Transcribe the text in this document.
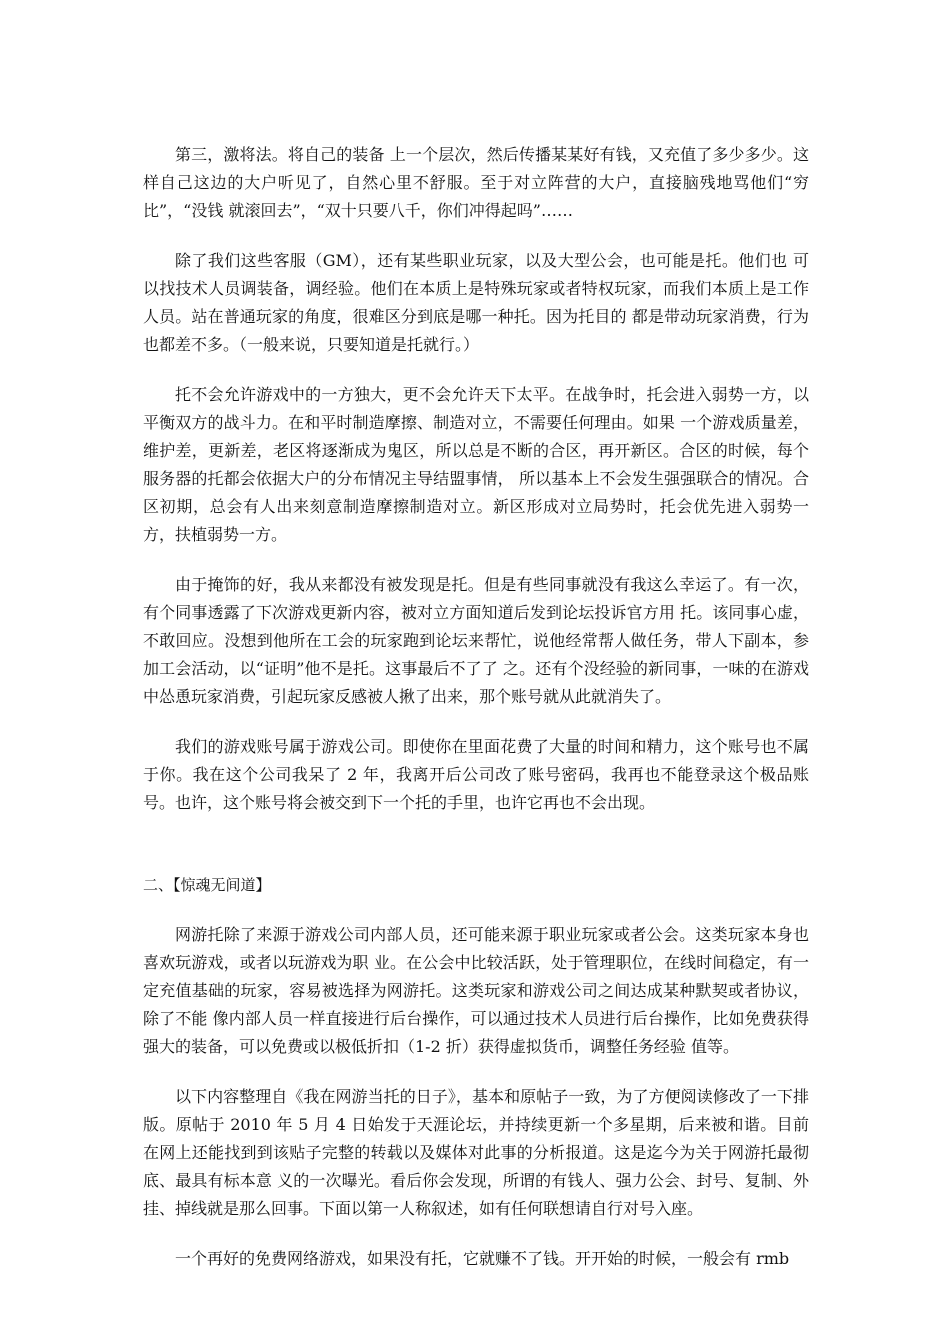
第三，激将法。将自己的装备 上一个层次，然后传播某某好有钱，又充值了多少多少。这样自己这边的大户听见了，自然心里不舒服。至于对立阵营的大户，直接脑残地骂他们“穷比”，“没钱 就滚回去”，“双十只要八千，你们冲得起吗”……

除了我们这些客服（GM），还有某些职业玩家，以及大型公会，也可能是托。他们也 可以找技术人员调装备，调经验。他们在本质上是特殊玩家或者特权玩家，而我们本质上是工作人员。站在普通玩家的角度，很难区分到底是哪一种托。因为托目的 都是带动玩家消费，行为也都差不多。（一般来说，只要知道是托就行。）

托不会允许游戏中的一方独大，更不会允许天下太平。在战争时，托会进入弱势一方，以平衡双方的战斗力。在和平时制造摩擦、制造对立，不需要任何理由。如果 一个游戏质量差，维护差，更新差，老区将逐渐成为鬼区，所以总是不断的合区，再开新区。合区的时候，每个服务器的托都会依据大户的分布情况主导结盟事情， 所以基本上不会发生强强联合的情况。合区初期，总会有人出来刻意制造摩擦制造对立。新区形成对立局势时，托会优先进入弱势一方，扶植弱势一方。

由于掩饰的好，我从来都没有被发现是托。但是有些同事就没有我这么幸运了。有一次，有个同事透露了下次游戏更新内容，被对立方面知道后发到论坛投诉官方用 托。该同事心虚，不敢回应。没想到他所在工会的玩家跑到论坛来帮忙，说他经常帮人做任务，带人下副本，参加工会活动，以“证明”他不是托。这事最后不了了 之。还有个没经验的新同事，一味的在游戏中怂恿玩家消费，引起玩家反感被人揪了出来，那个账号就从此就消失了。

我们的游戏账号属于游戏公司。即使你在里面花费了大量的时间和精力，这个账号也不属于你。我在这个公司我呆了 2 年，我离开后公司改了账号密码，我再也不能登录这个极品账号。也许，这个账号将会被交到下一个托的手里，也许它再也不会出现。

二、【惊魂无间道】

网游托除了来源于游戏公司内部人员，还可能来源于职业玩家或者公会。这类玩家本身也喜欢玩游戏，或者以玩游戏为职 业。在公会中比较活跃，处于管理职位，在线时间稳定，有一定充值基础的玩家，容易被选择为网游托。这类玩家和游戏公司之间达成某种默契或者协议，除了不能 像内部人员一样直接进行后台操作，可以通过技术人员进行后台操作，比如免费获得强大的装备，可以免费或以极低折扣（1-2 折）获得虚拟货币，调整任务经验 值等。

以下内容整理自《我在网游当托的日子》，基本和原帖子一致，为了方便阅读修改了一下排版。原帖于 2010 年 5 月 4 日始发于天涯论坛，并持续更新一个多星期，后来被和谐。目前在网上还能找到到该贴子完整的转载以及媒体对此事的分析报道。这是迄今为关于网游托最彻底、最具有标本意 义的一次曝光。看后你会发现，所谓的有钱人、强力公会、封号、复制、外挂、掉线就是那么回事。下面以第一人称叙述，如有任何联想请自行对号入座。

一个再好的免费网络游戏，如果没有托，它就赚不了钱。开开始的时候，一般会有 rmb
